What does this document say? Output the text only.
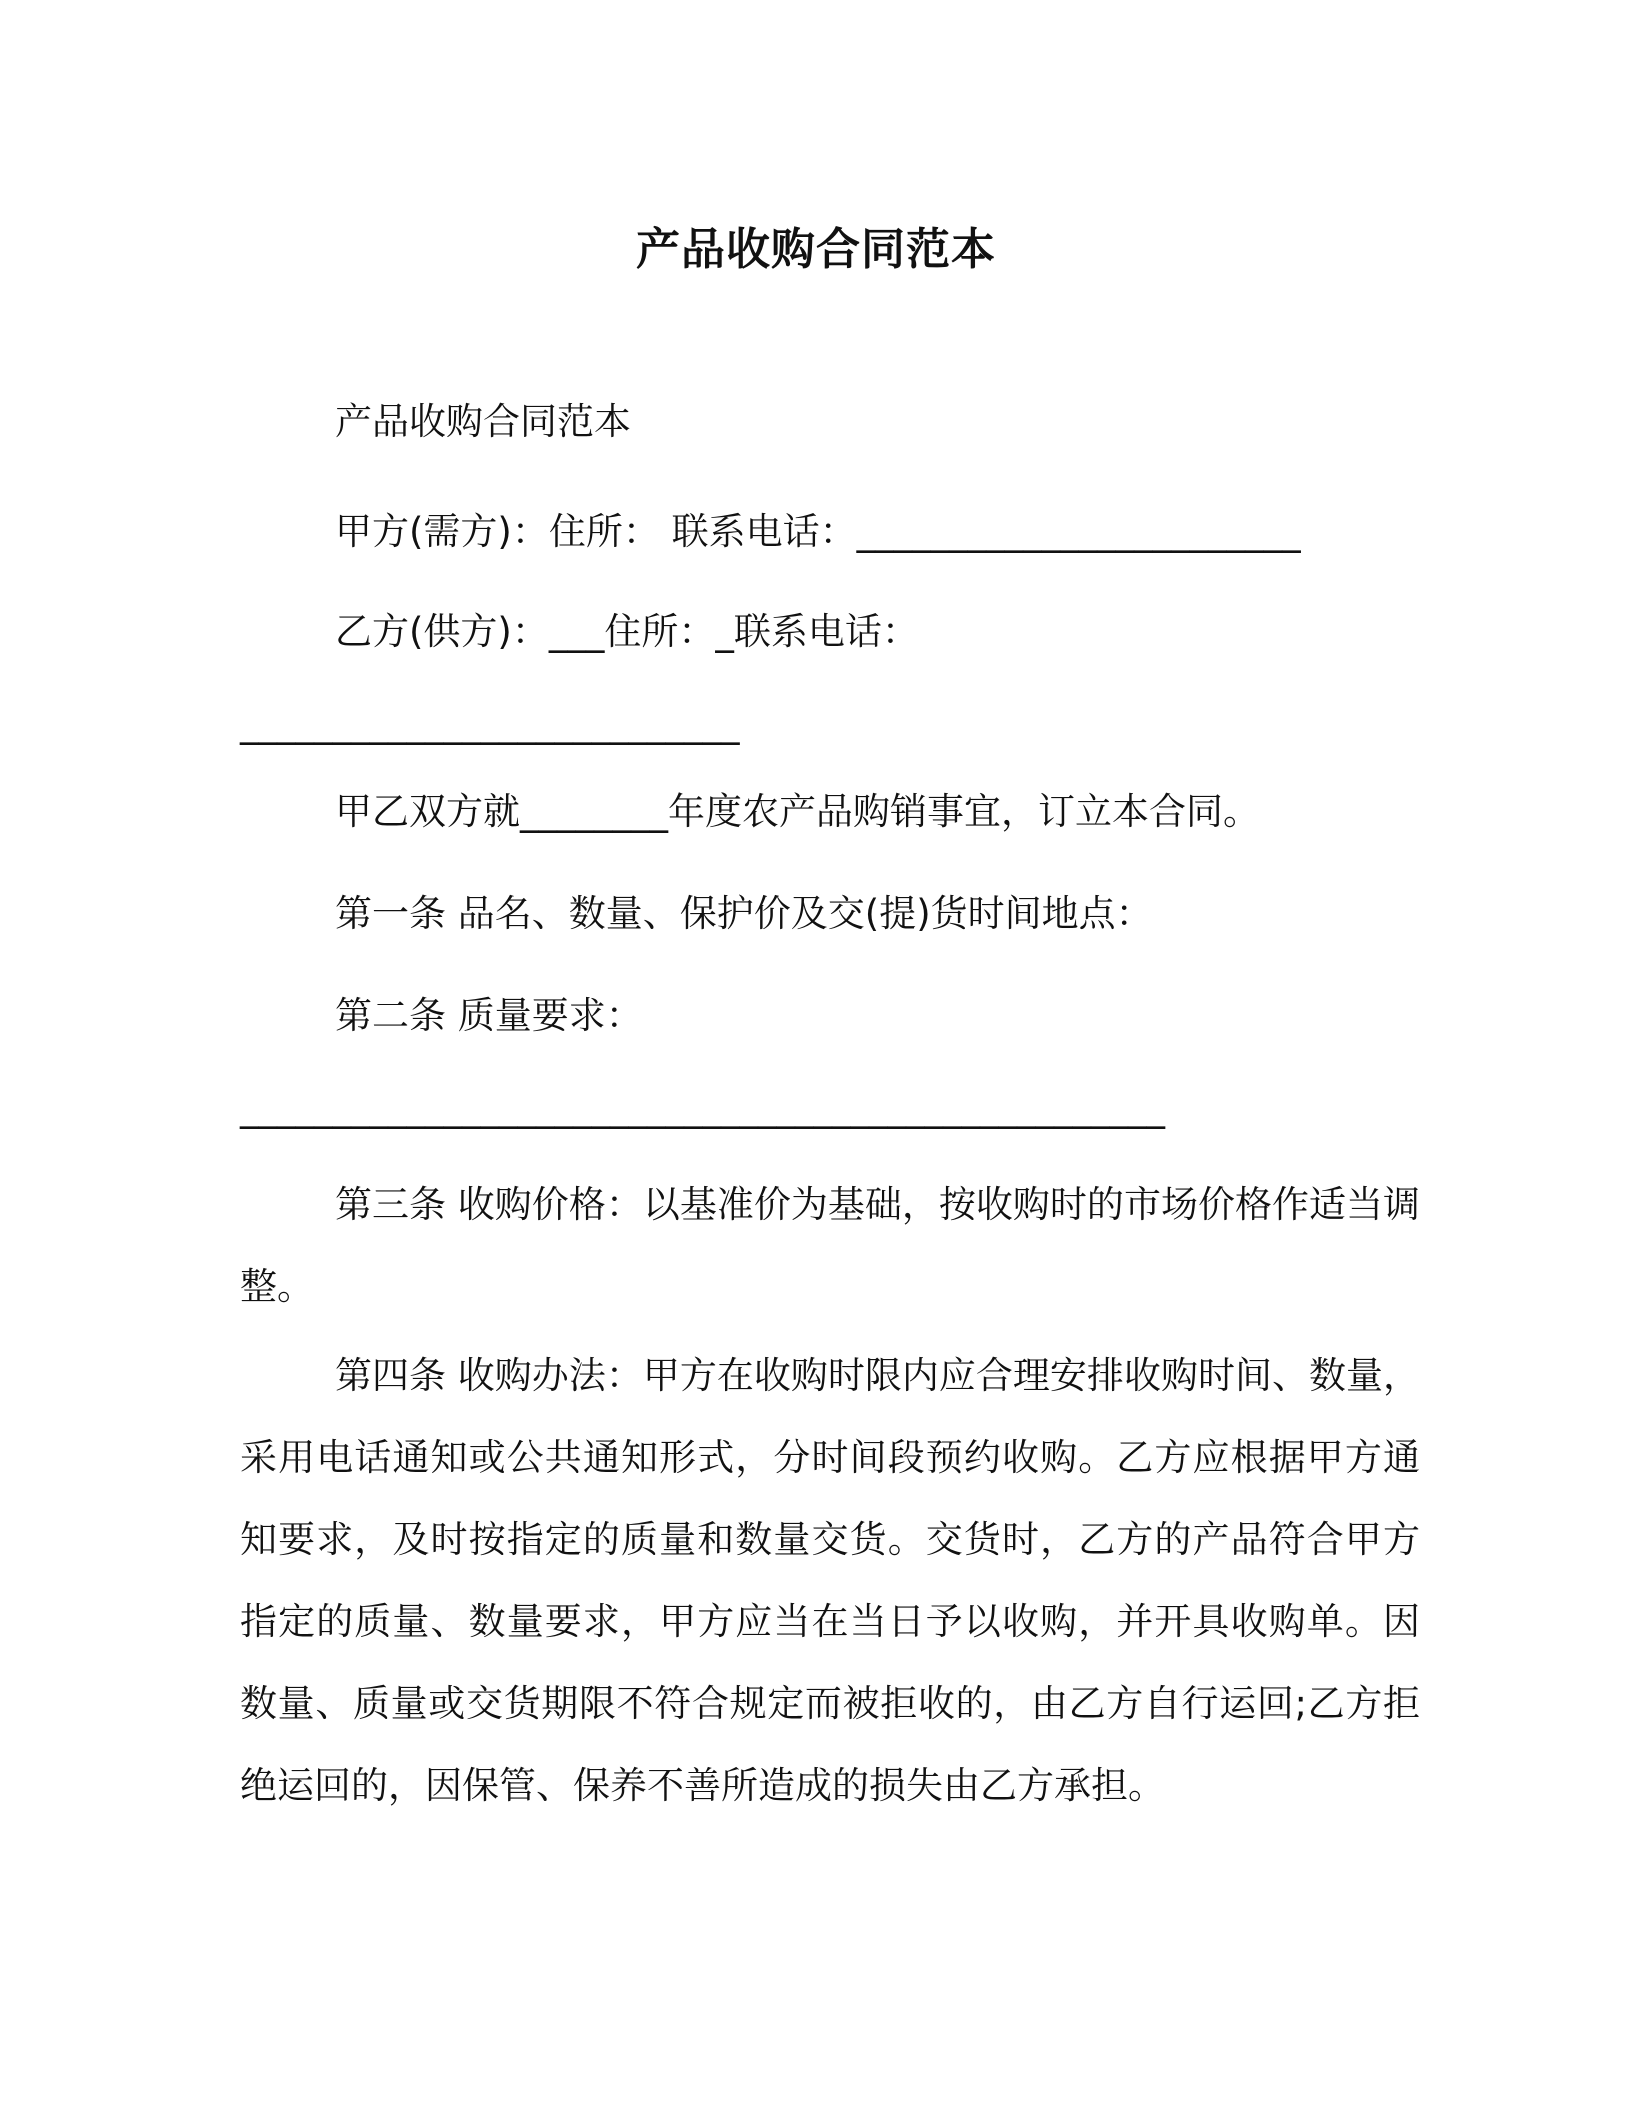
产品收购合同范本
产品收购合同范本
甲方(需方)：住所： 联系电话：________________________
乙方(供方)：___住所：_联系电话：
___________________________
甲乙双方就________年度农产品购销事宜，订立本合同。
第一条 品名、数量、保护价及交(提)货时间地点：
第二条 质量要求：
__________________________________________________
第三条 收购价格：以基准价为基础，按收购时的市场价格作适当调整。
第四条 收购办法：甲方在收购时限内应合理安排收购时间、数量，采用电话通知或公共通知形式，分时间段预约收购。乙方应根据甲方通知要求，及时按指定的质量和数量交货。交货时，乙方的产品符合甲方指定的质量、数量要求，甲方应当在当日予以收购，并开具收购单。因数量、质量或交货期限不符合规定而被拒收的，由乙方自行运回;乙方拒绝运回的，因保管、保养不善所造成的损失由乙方承担。
